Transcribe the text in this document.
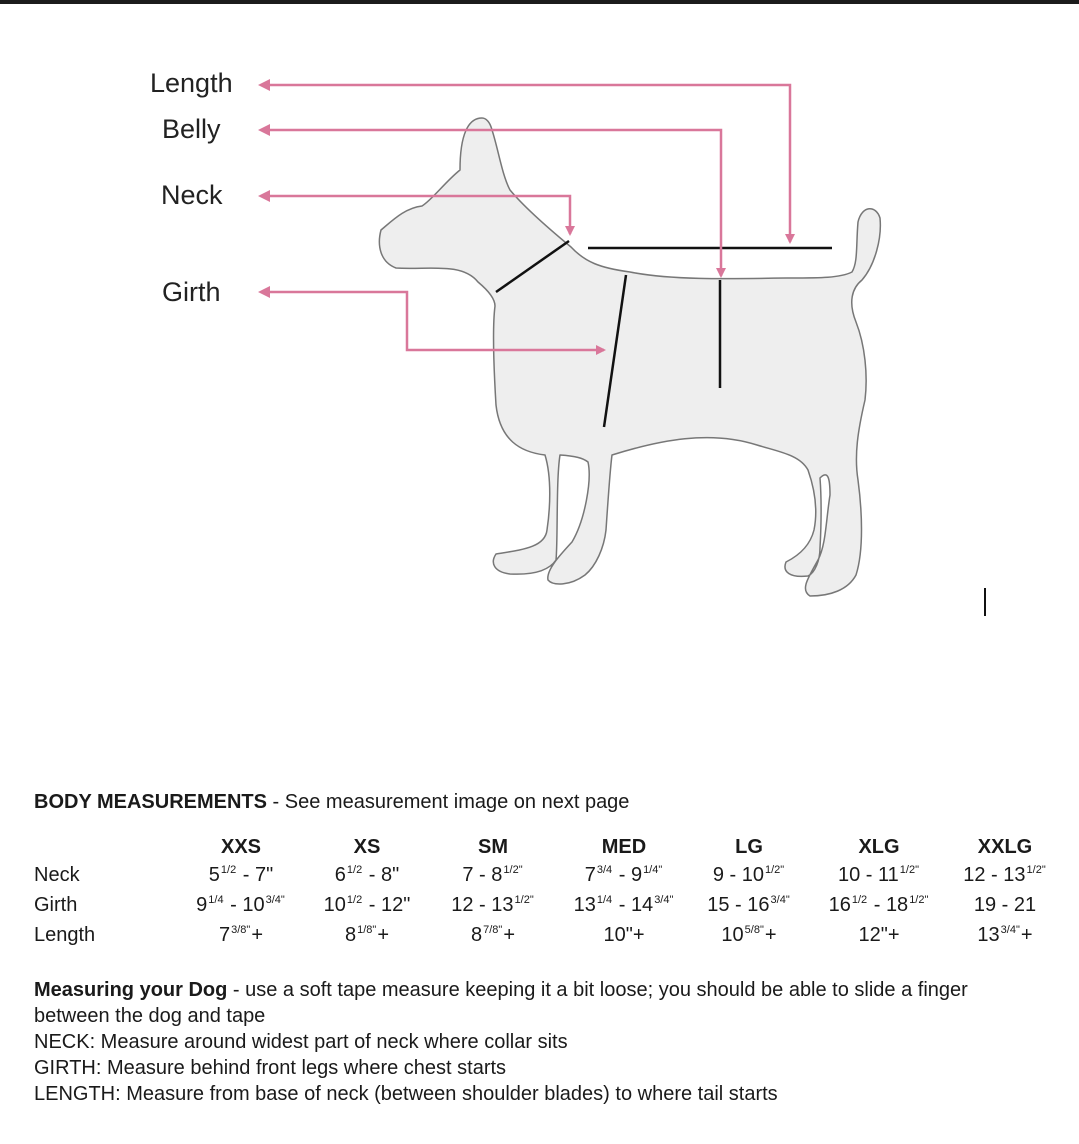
Length
Belly
Neck
Girth
BODY MEASUREMENTS - See measurement image on next page
XXS	XS	SM	MED	LG	XLG	XXLG
Neck	$5^{1/2} - 7$"	$6^{1/2} - 8$"	$7 - 8^{1/2"}$	$7^{3/4} - 9^{1/4"}$	$9 - 10^{1/2"}$	$10 - 11^{1/2"}$	$12 - 13^{1/2"}$
Girth	$9^{1/4} - 10^{3/4"}$	$10^{1/2} - 12$"	$12 - 13^{1/2"}$	$13^{1/4} - 14^{3/4"}$	$15 - 16^{3/4"}$	$16^{1/2} - 18^{1/2"}$	19 - 21
Length	$7^{3/8"}+$	$8^{1/8"}+$	$8^{7/8"}+$	10"+	$10^{5/8"}+$	12"+	$13^{3/4"}+$

Measuring your Dog - use a soft tape measure keeping it a bit loose; you should be able to slide a finger between the dog and tape

NECK: Measure around widest part of neck where collar sits

GIRTH: Measure behind front legs where chest starts

LENGTH: Measure from base of neck (between shoulder blades) to where tail starts
